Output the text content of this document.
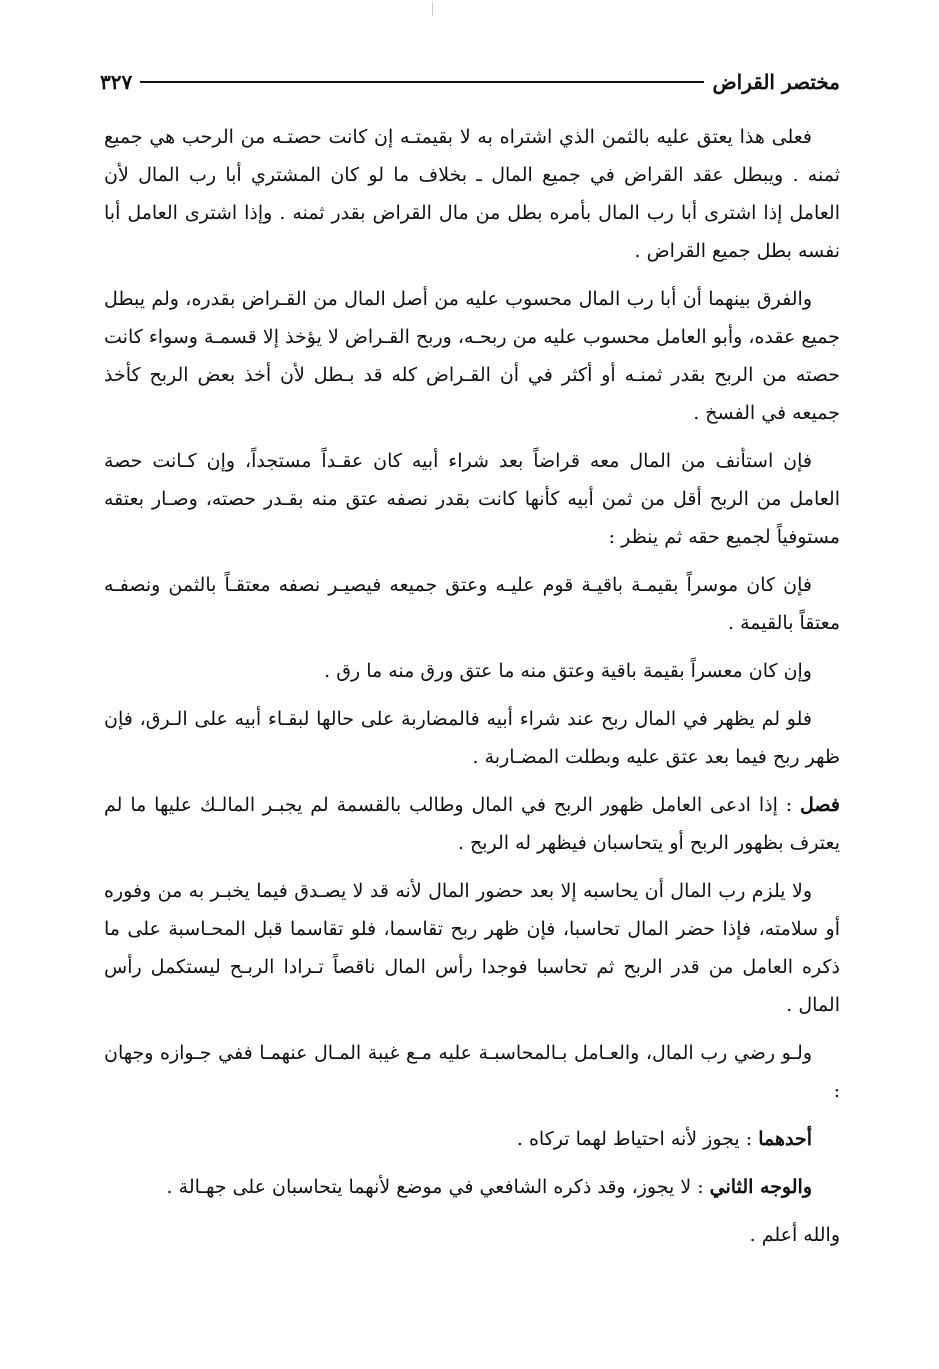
مختصر القراض
٣٢٧

فعلى هذا يعتق عليه بالثمن الذي اشتراه به لا بقيمتـه إن كانت حصتـه من الرحب هي جميع ثمنه . ويبطل عقد القراض في جميع المال ـ بخلاف ما لو كان المشتري أبا رب المال لأن العامل إذا اشترى أبا رب المال بأمره بطل من مال القراض بقدر ثمنه . وإذا اشترى العامل أبا نفسه بطل جميع القراض .

والفرق بينهما أن أبا رب المال محسوب عليه من أصل المال من القـراض بقدره، ولم يبطل جميع عقده، وأبو العامل محسوب عليه من ربحـه، وربح القـراض لا يؤخذ إلا قسمـة وسواء كانت حصته من الربح بقدر ثمنـه أو أكثر في أن القـراض كله قد بـطل لأن أخذ بعض الربح كأخذ جميعه في الفسخ .

فإن استأنف من المال معه قراضاً بعد شراء أبيه كان عقـداً مستجداً، وإن كـانت حصة العامل من الربح أقل من ثمن أبيه كأنها كانت بقدر نصفه عتق منه بقـدر حصته، وصـار بعتقه مستوفياً لجميع حقه ثم ينظر :

فإن كان موسراً بقيمـة باقيـة قوم عليـه وعتق جميعه فيصيـر نصفه معتقـاً بالثمن ونصفـه معتقاً بالقيمة .

وإن كان معسراً بقيمة باقية وعتق منه ما عتق ورق منه ما رق .

فلو لم يظهر في المال ربح عند شراء أبيه فالمضاربة على حالها لبقـاء أبيه على الـرق، فإن ظهر ربح فيما بعد عتق عليه وبطلت المضـاربة .

فصل : إذا ادعى العامل ظهور الربح في المال وطالب بالقسمة لم يجبـر المالـك عليها ما لم يعترف بظهور الربح أو يتحاسبان فيظهر له الربح .

ولا يلزم رب المال أن يحاسبه إلا بعد حضور المال لأنه قد لا يصـدق فيما يخبـر به من وفوره أو سلامته، فإذا حضر المال تحاسبا، فإن ظهر ربح تقاسما، فلو تقاسما قبل المحـاسبة على ما ذكره العامل من قدر الربح ثم تحاسبا فوجدا رأس المال ناقصاً تـرادا الربـح ليستكمل رأس المال .

ولـو رضي رب المال، والعـامل بـالمحاسبـة عليه مـع غيبة المـال عنهمـا ففي جـوازه وجهان :

أحدهما : يجوز لأنه احتياط لهما تركاه .

والوجه الثاني : لا يجوز، وقد ذكره الشافعي في موضع لأنهما يتحاسبان على جهـالة .

والله أعلم .
